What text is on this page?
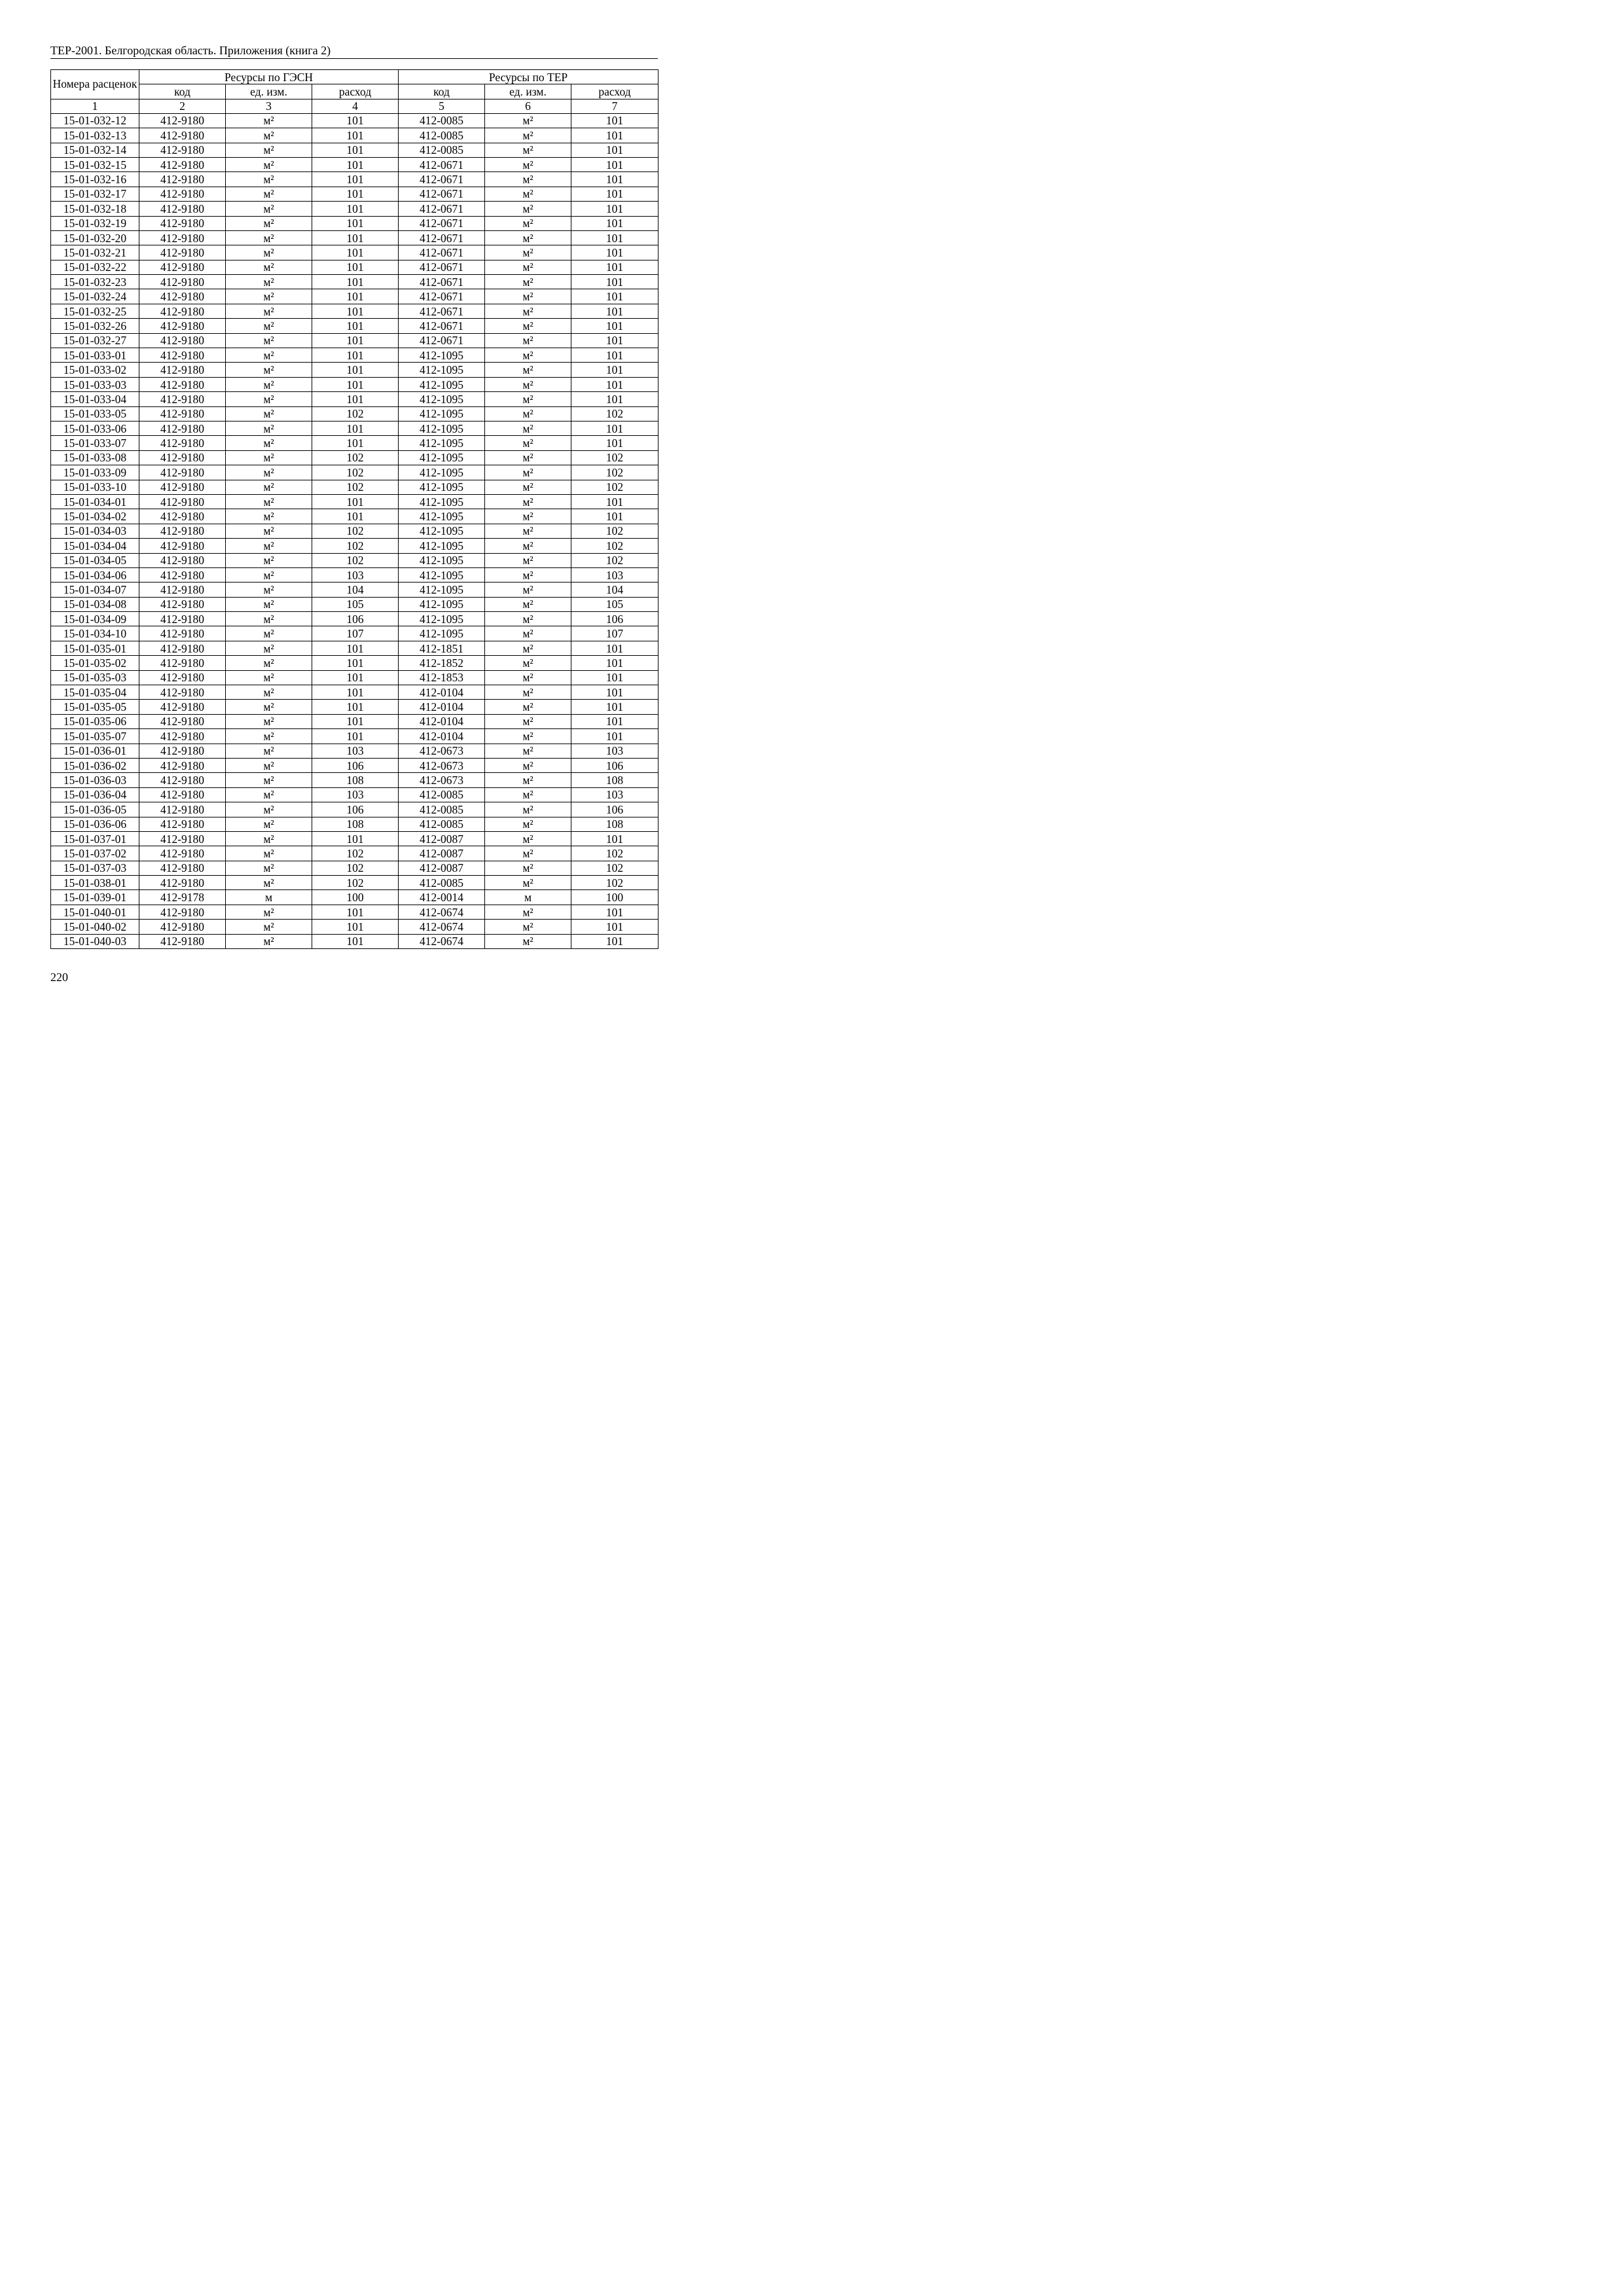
ТЕР-2001. Белгородская область. Приложения (книга 2)
Номера расценок	Ресурсы по ГЭСН			Ресурсы по ТЕР		
	код	ед. изм.	расход	код	ед. изм.	расход
1	2	3	4	5	6	7
15-01-032-12	412-9180	м²	101	412-0085	м²	101
15-01-032-13	412-9180	м²	101	412-0085	м²	101
15-01-032-14	412-9180	м²	101	412-0085	м²	101
15-01-032-15	412-9180	м²	101	412-0671	м²	101
15-01-032-16	412-9180	м²	101	412-0671	м²	101
15-01-032-17	412-9180	м²	101	412-0671	м²	101
15-01-032-18	412-9180	м²	101	412-0671	м²	101
15-01-032-19	412-9180	м²	101	412-0671	м²	101
15-01-032-20	412-9180	м²	101	412-0671	м²	101
15-01-032-21	412-9180	м²	101	412-0671	м²	101
15-01-032-22	412-9180	м²	101	412-0671	м²	101
15-01-032-23	412-9180	м²	101	412-0671	м²	101
15-01-032-24	412-9180	м²	101	412-0671	м²	101
15-01-032-25	412-9180	м²	101	412-0671	м²	101
15-01-032-26	412-9180	м²	101	412-0671	м²	101
15-01-032-27	412-9180	м²	101	412-0671	м²	101
15-01-033-01	412-9180	м²	101	412-1095	м²	101
15-01-033-02	412-9180	м²	101	412-1095	м²	101
15-01-033-03	412-9180	м²	101	412-1095	м²	101
15-01-033-04	412-9180	м²	101	412-1095	м²	101
15-01-033-05	412-9180	м²	102	412-1095	м²	102
15-01-033-06	412-9180	м²	101	412-1095	м²	101
15-01-033-07	412-9180	м²	101	412-1095	м²	101
15-01-033-08	412-9180	м²	102	412-1095	м²	102
15-01-033-09	412-9180	м²	102	412-1095	м²	102
15-01-033-10	412-9180	м²	102	412-1095	м²	102
15-01-034-01	412-9180	м²	101	412-1095	м²	101
15-01-034-02	412-9180	м²	101	412-1095	м²	101
15-01-034-03	412-9180	м²	102	412-1095	м²	102
15-01-034-04	412-9180	м²	102	412-1095	м²	102
15-01-034-05	412-9180	м²	102	412-1095	м²	102
15-01-034-06	412-9180	м²	103	412-1095	м²	103
15-01-034-07	412-9180	м²	104	412-1095	м²	104
15-01-034-08	412-9180	м²	105	412-1095	м²	105
15-01-034-09	412-9180	м²	106	412-1095	м²	106
15-01-034-10	412-9180	м²	107	412-1095	м²	107
15-01-035-01	412-9180	м²	101	412-1851	м²	101
15-01-035-02	412-9180	м²	101	412-1852	м²	101
15-01-035-03	412-9180	м²	101	412-1853	м²	101
15-01-035-04	412-9180	м²	101	412-0104	м²	101
15-01-035-05	412-9180	м²	101	412-0104	м²	101
15-01-035-06	412-9180	м²	101	412-0104	м²	101
15-01-035-07	412-9180	м²	101	412-0104	м²	101
15-01-036-01	412-9180	м²	103	412-0673	м²	103
15-01-036-02	412-9180	м²	106	412-0673	м²	106
15-01-036-03	412-9180	м²	108	412-0673	м²	108
15-01-036-04	412-9180	м²	103	412-0085	м²	103
15-01-036-05	412-9180	м²	106	412-0085	м²	106
15-01-036-06	412-9180	м²	108	412-0085	м²	108
15-01-037-01	412-9180	м²	101	412-0087	м²	101
15-01-037-02	412-9180	м²	102	412-0087	м²	102
15-01-037-03	412-9180	м²	102	412-0087	м²	102
15-01-038-01	412-9180	м²	102	412-0085	м²	102
15-01-039-01	412-9178	м	100	412-0014	м	100
15-01-040-01	412-9180	м²	101	412-0674	м²	101
15-01-040-02	412-9180	м²	101	412-0674	м²	101
15-01-040-03	412-9180	м²	101	412-0674	м²	101
220
